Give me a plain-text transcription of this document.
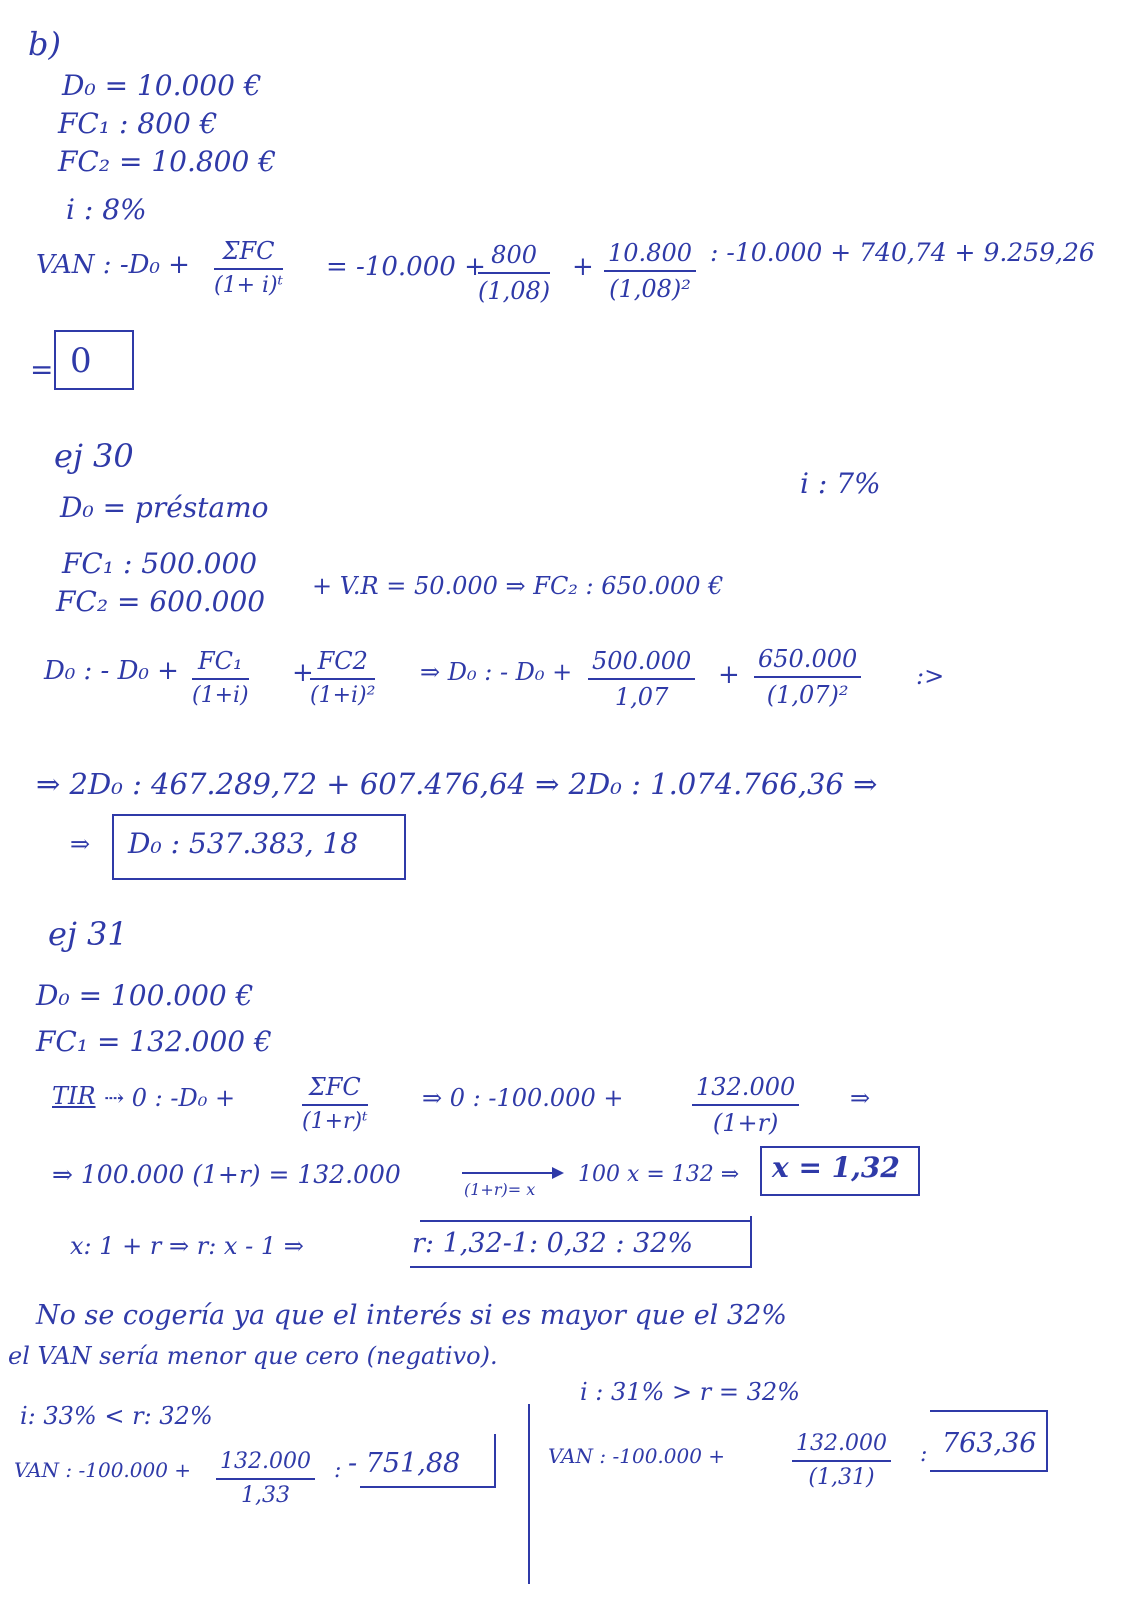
b)
D₀ = 10.000 €
FC₁ : 800 €
FC₂ = 10.800 €
i : 8%
VAN : -D₀ +	ΣFC
(1+ i)ᵗ
= -10.000 +
$\frac{800}{(1,08)} + \frac{10.800}{\text{(1,08)²}}$ : -10.000 + 740,74 + 9.259,26
= 0
ej 30
i : 7%
D₀ = préstamo
FC₁ : 500.000
FC₂ = 600.000 + V.R = 50.000 ⇒ FC₂ : 650.000 €
D₀ : - $D_0 + \frac{\text{FC₁}}{(1+i)}$ +
$\frac{FC2}{\text{(1+i)²}}$ ⇒ D₀ : - $D_0 + \frac{500.000}{1,07} + \frac{650.000}{\text{(1,07)²}}$ :>
⇒ 2D₀ : 467.289,72 + 607.476,64 ⇒ 2D₀ : 1.074.766,36 ⇒
⇒ D₀ : 537.383, 18
ej 31
D₀ = 100.000 €
FC₁ = 132.000 €
TIR ⇢ 0 : -D₀ +	ΣFC
(1+r)ᵗ
⇒ 0 : -100.000 +	$\frac{132.000}{(1+r)}$ ⇒
⇒ 100.000 (1+r) = 132.000
(1+r)= x
100 x = 132 ⇒ x = 1,32
x: 1 + r ⇒ r: x - 1 ⇒	r: 1,32-1: 0,32 : 32%
No se cogería ya que el interés si es mayor que el 32%
el VAN sería menor que cero (negativo).
i: 33% < r: 32%
VAN : $-100.000 + \frac{132.000}{1,33}$ : - 751,88
i : 31% > r = 32%
VAN : -100.000 +	$\frac{132.000}{(1,31)}$ : 763,36
